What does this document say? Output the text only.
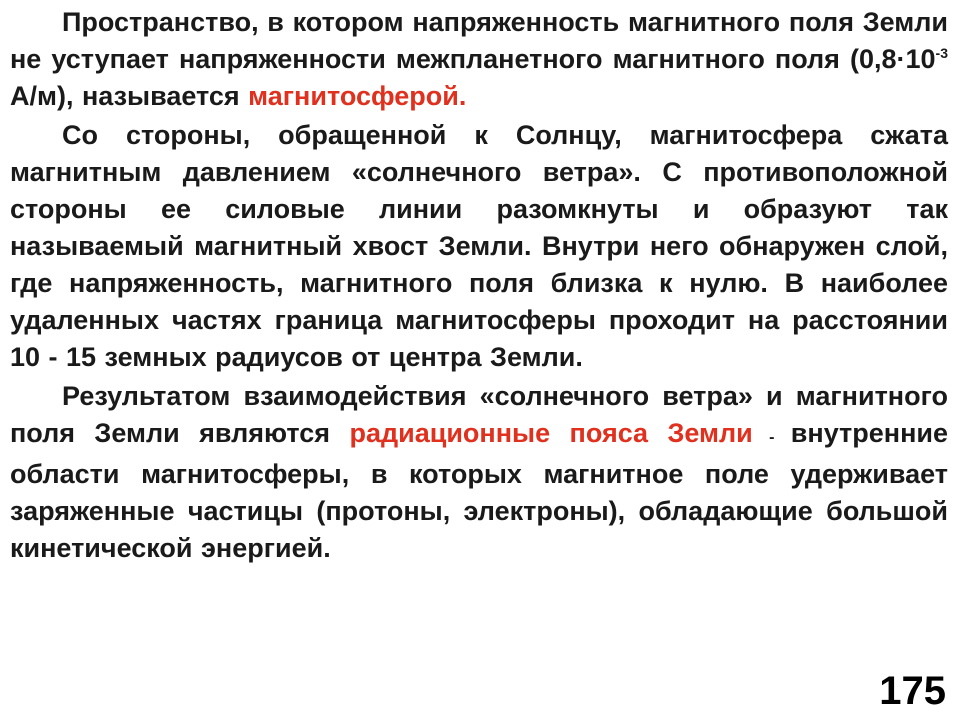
Пространство, в котором напряженность магнитного поля Земли не уступает напряженности межпланетного магнитного поля ($0,8\cdot 10^{-3}$ А/м), называется магнитосферой.

Со стороны, обращенной к Солнцу, магнитосфера сжата магнитным давлением «солнечного ветра». С противоположной стороны ее силовые линии разомкнуты и образуют так называемый магнитный хвост Земли. Внутри него обнаружен слой, где напряженность, магнитного поля близка к нулю. В наиболее удаленных частях граница магнитосферы проходит на расстоянии 10 - 15 земных радиусов от центра Земли.

Результатом взаимодействия «солнечного ветра» и магнитного поля Земли являются радиационные пояса Земли - внутренние области магнитосферы, в которых магнитное поле удерживает заряженные частицы (протоны, электроны), обладающие большой кинетической энергией.

175
